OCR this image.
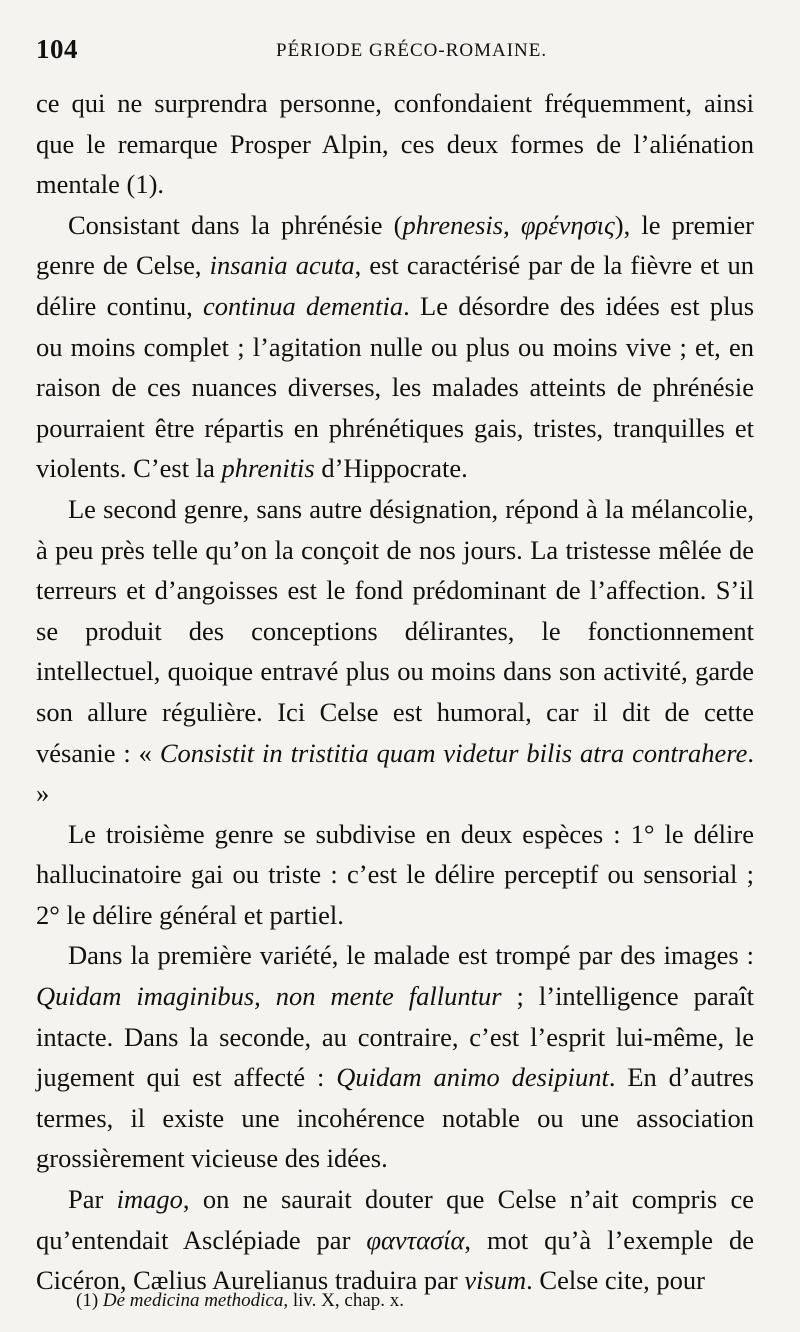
104	PÉRIODE GRÉCO-ROMAINE.

ce qui ne surprendra personne, confondaient fréquemment, ainsi que le remarque Prosper Alpin, ces deux formes de l’aliénation mentale (1).

Consistant dans la phrénésie (phrenesis, φρένησις), le premier genre de Celse, insania acuta, est caractérisé par de la fièvre et un délire continu, continua dementia. Le désordre des idées est plus ou moins complet ; l’agitation nulle ou plus ou moins vive ; et, en raison de ces nuances diverses, les malades atteints de phrénésie pourraient être répartis en phrénétiques gais, tristes, tranquilles et violents. C’est la phrenitis d’Hippocrate.

Le second genre, sans autre désignation, répond à la mélancolie, à peu près telle qu’on la conçoit de nos jours. La tristesse mêlée de terreurs et d’angoisses est le fond prédominant de l’affection. S’il se produit des conceptions délirantes, le fonctionnement intellectuel, quoique entravé plus ou moins dans son activité, garde son allure régulière. Ici Celse est humoral, car il dit de cette vésanie : « Consistit in tristitia quam videtur bilis atra contrahere. »

Le troisième genre se subdivise en deux espèces : 1° le délire hallucinatoire gai ou triste : c’est le délire perceptif ou sensorial ; 2° le délire général et partiel.

Dans la première variété, le malade est trompé par des images : Quidam imaginibus, non mente falluntur ; l’intelligence paraît intacte. Dans la seconde, au contraire, c’est l’esprit lui-même, le jugement qui est affecté : Quidam animo desipiunt. En d’autres termes, il existe une incohérence notable ou une association grossièrement vicieuse des idées.

Par imago, on ne saurait douter que Celse n’ait compris ce qu’entendait Asclépiade par φαντασία, mot qu’à l’exemple de Cicéron, Cælius Aurelianus traduira par visum. Celse cite, pour

(1) De medicina methodica, liv. X, chap. x.
